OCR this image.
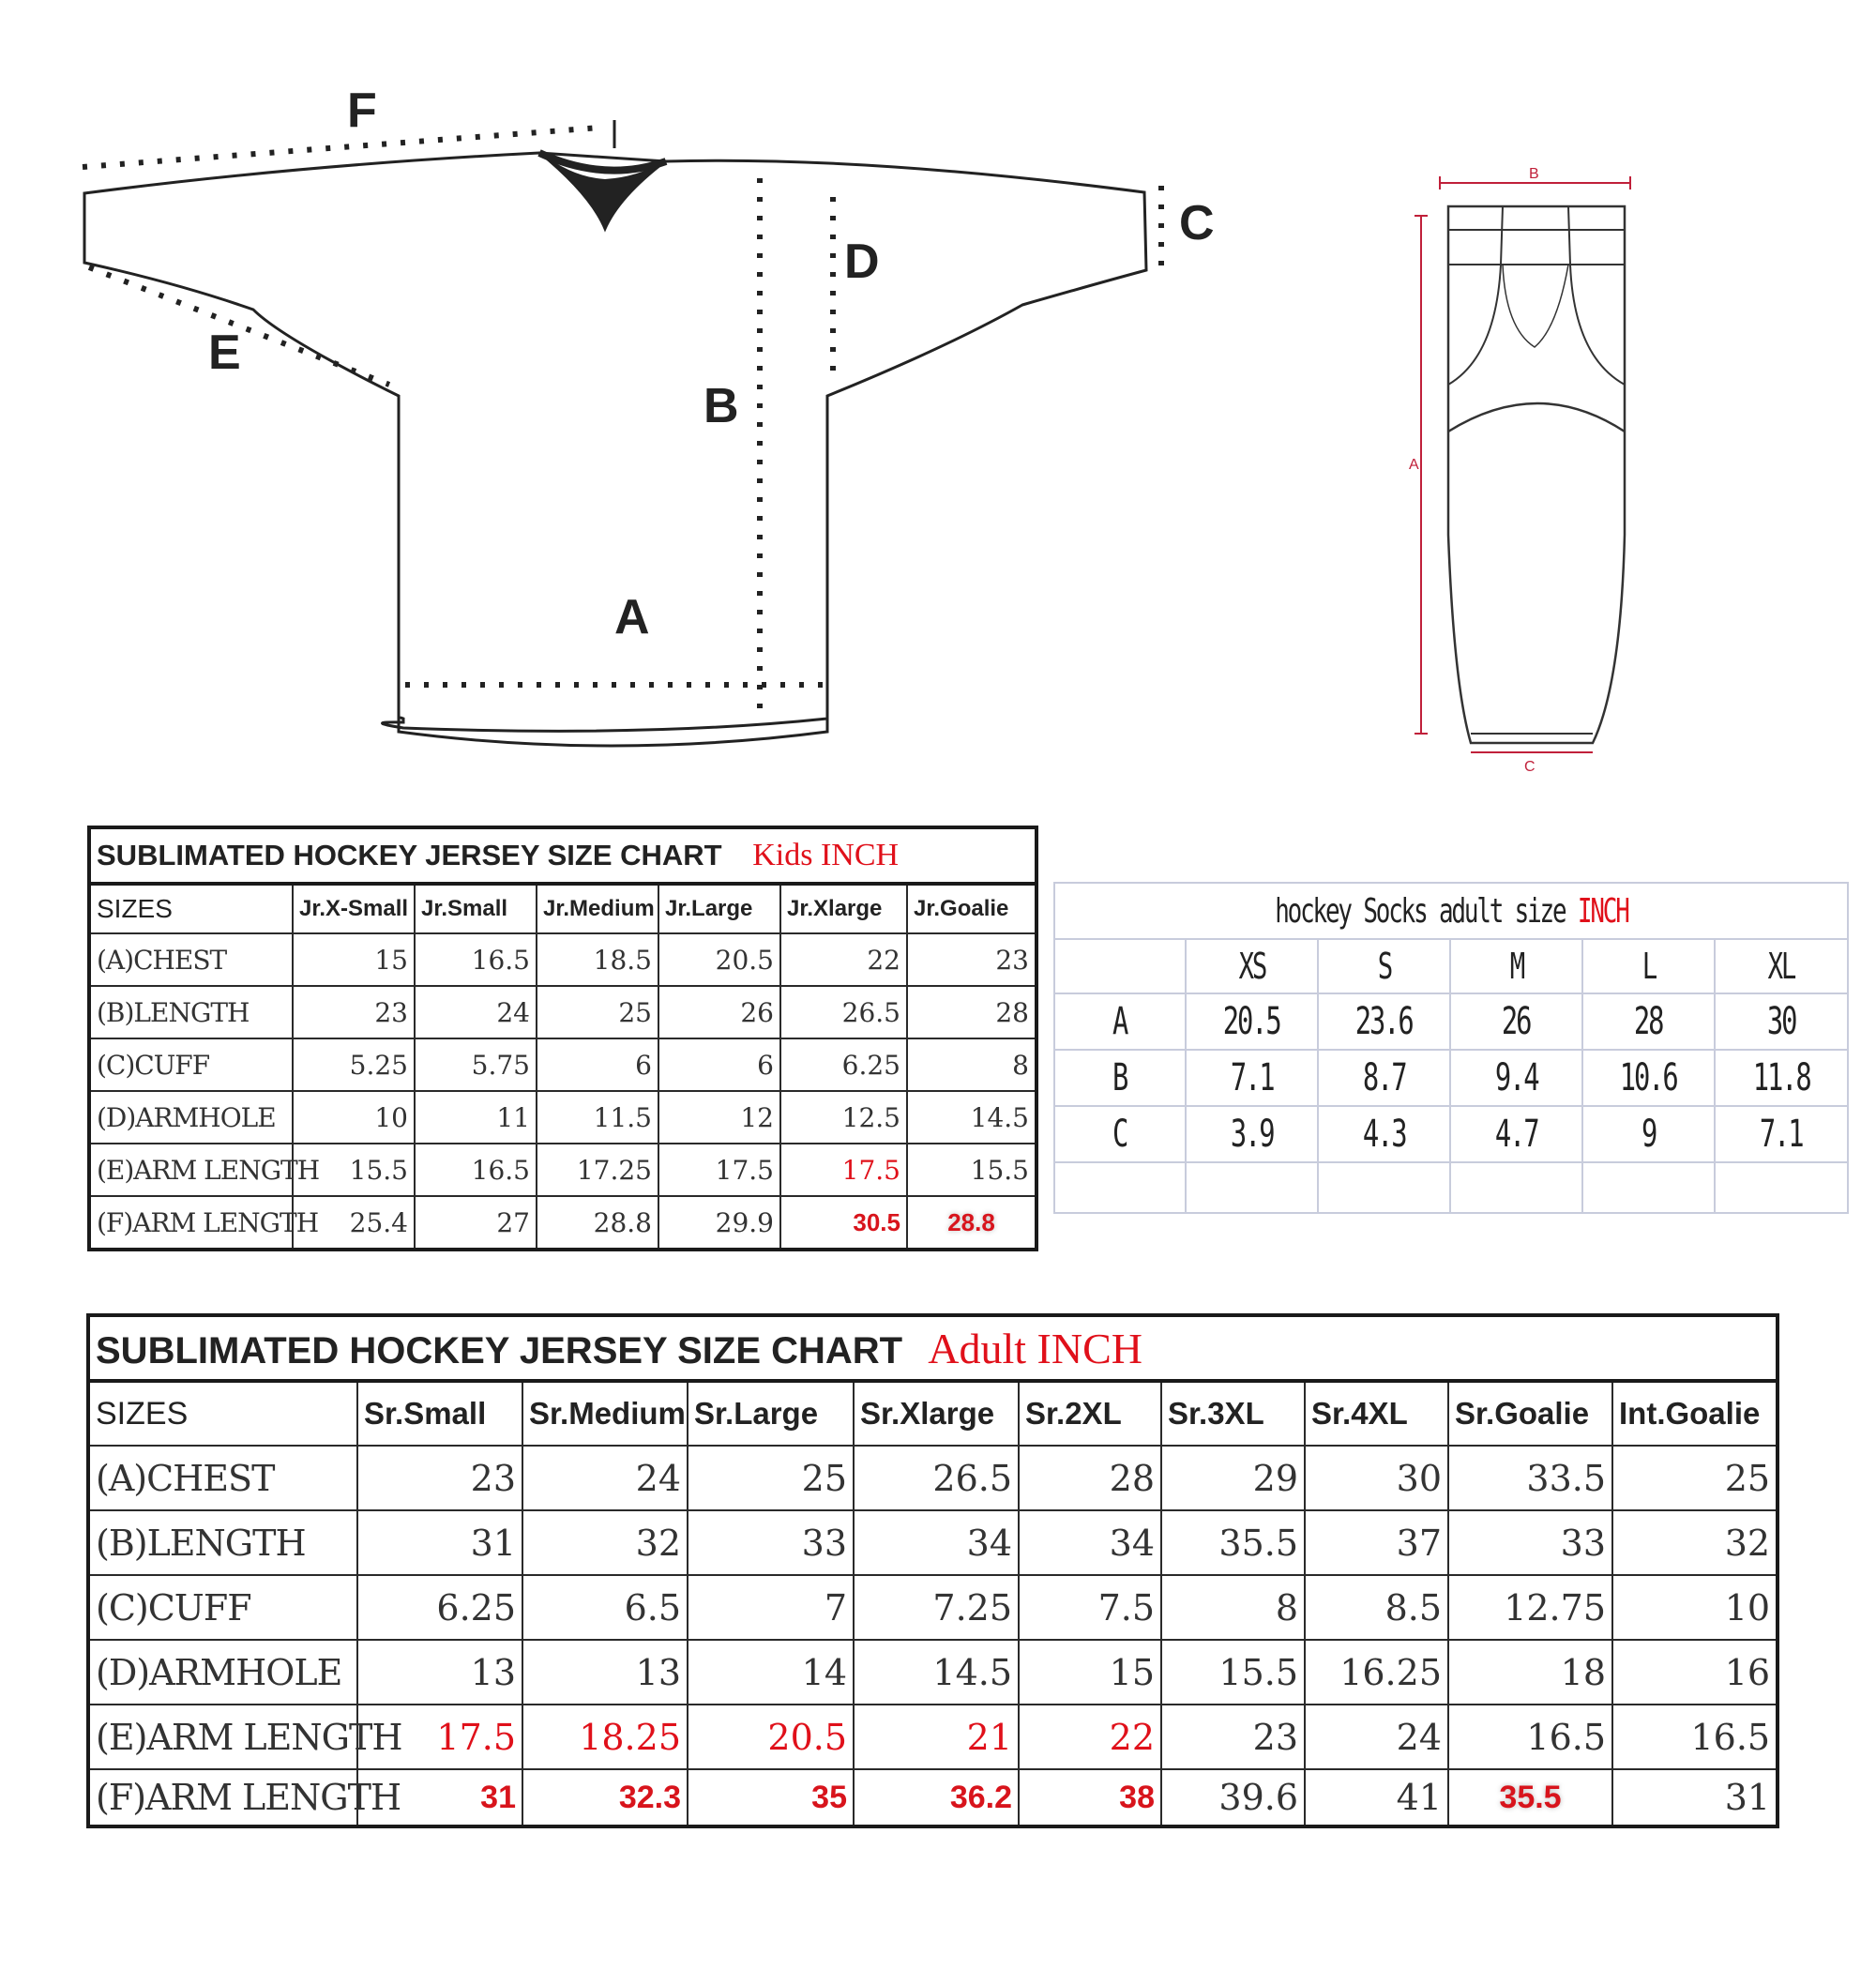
F
C
D
E
B
A
B
A
C
SUBLIMATED HOCKEY JERSEY SIZE CHART Kids INCH						
SIZES	Jr.X-Small	Jr.Small	Jr.Medium	Jr.Large	Jr.Xlarge	Jr.Goalie
(A)CHEST	15	16.5	18.5	20.5	22	23
(B)LENGTH	23	24	25	26	26.5	28
(C)CUFF	5.25	5.75	6	6	6.25	8
(D)ARMHOLE	10	11	11.5	12	12.5	14.5
(E)ARM LENGTH	15.5	16.5	17.25	17.5	17.5	15.5
(F)ARM LENGTH	25.4	27	28.8	29.9	30.5	28.8
hockey Socks adult size INCH					
	XS	S	M	L	XL
A	20.5	23.6	26	28	30
B	7.1	8.7	9.4	10.6	11.8
C	3.9	4.3	4.7	9	7.1

SUBLIMATED HOCKEY JERSEY SIZE CHART Adult INCH									
SIZES	Sr.Small	Sr.Medium	Sr.Large	Sr.Xlarge	Sr.2XL	Sr.3XL	Sr.4XL	Sr.Goalie	Int.Goalie
(A)CHEST	23	24	25	26.5	28	29	30	33.5	25
(B)LENGTH	31	32	33	34	34	35.5	37	33	32
(C)CUFF	6.25	6.5	7	7.25	7.5	8	8.5	12.75	10
(D)ARMHOLE	13	13	14	14.5	15	15.5	16.25	18	16
(E)ARM LENGTH	17.5	18.25	20.5	21	22	23	24	16.5	16.5
(F)ARM LENGTH	31	32.3	35	36.2	38	39.6	41	35.5	31
